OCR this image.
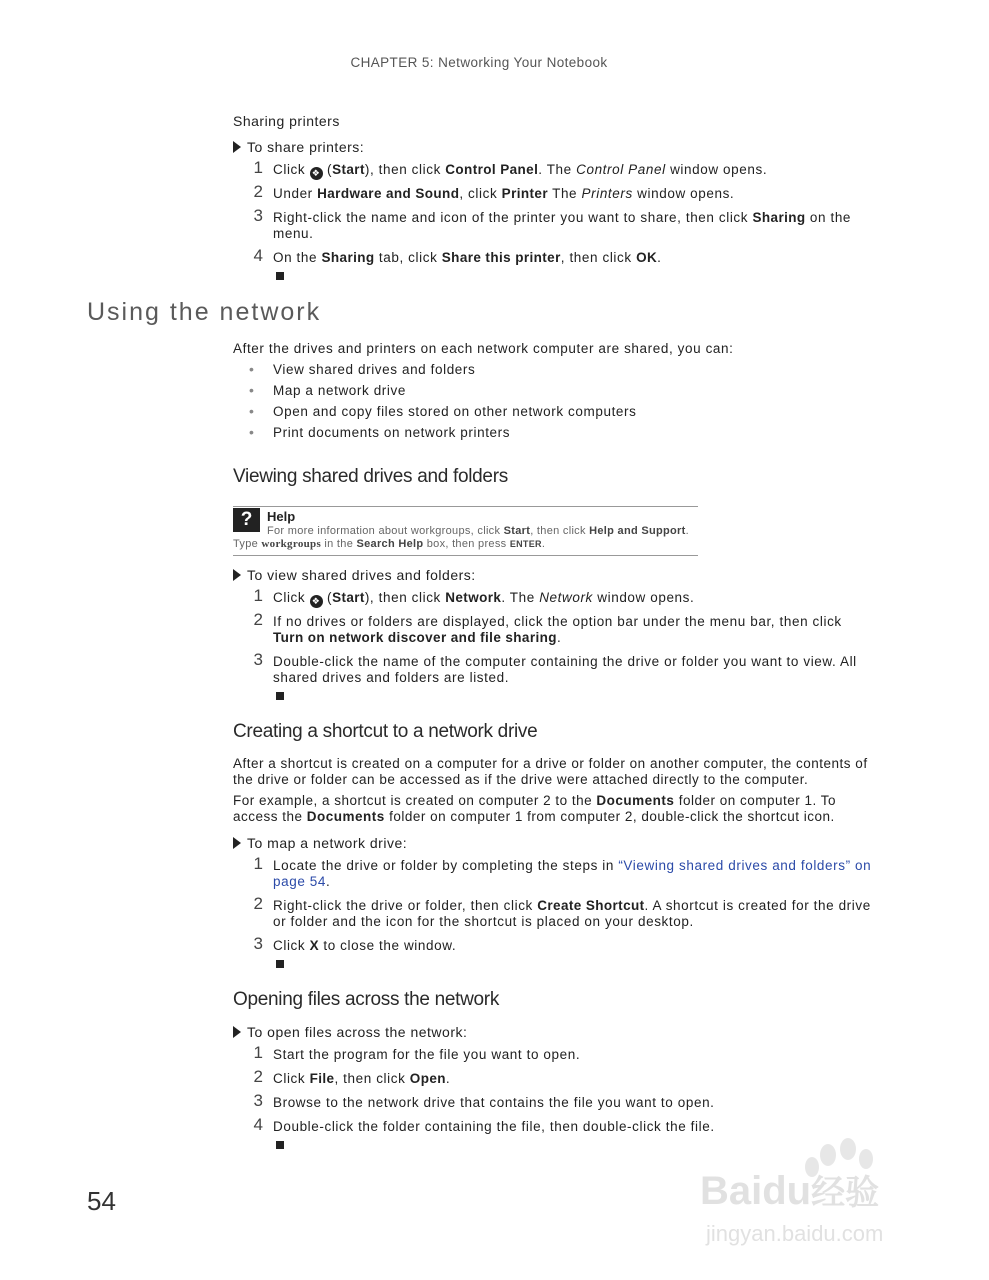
CHAPTER 5: Networking Your Notebook
Sharing printers
To share printers:
1 Click ❖ (Start), then click Control Panel. The Control Panel window opens.
2 Under Hardware and Sound, click Printer The Printers window opens.
3 Right-click the name and icon of the printer you want to share, then click Sharing on the menu.
4 On the Sharing tab, click Share this printer, then click OK.
Using the network
After the drives and printers on each network computer are shared, you can:
• View shared drives and folders
• Map a network drive
• Open and copy files stored on other network computers
• Print documents on network printers
Viewing shared drives and folders
?	Help
For more information about workgroups, click Start, then click Help and Support.
Type workgroups in the Search Help box, then press ENTER.
To view shared drives and folders:
1 Click ❖ (Start), then click Network. The Network window opens.
2 If no drives or folders are displayed, click the option bar under the menu bar, then click Turn on network discover and file sharing.
3 Double-click the name of the computer containing the drive or folder you want to view. All shared drives and folders are listed.
Creating a shortcut to a network drive
After a shortcut is created on a computer for a drive or folder on another computer, the contents of the drive or folder can be accessed as if the drive were attached directly to the computer.
For example, a shortcut is created on computer 2 to the Documents folder on computer 1. To access the Documents folder on computer 1 from computer 2, double-click the shortcut icon.
To map a network drive:
1 Locate the drive or folder by completing the steps in “Viewing shared drives and folders” on page 54.
2 Right-click the drive or folder, then click Create Shortcut. A shortcut is created for the drive or folder and the icon for the shortcut is placed on your desktop.
3 Click X to close the window.
Opening files across the network
To open files across the network:
1 Start the program for the file you want to open.
2 Click File, then click Open.
3 Browse to the network drive that contains the file you want to open.
4 Double-click the folder containing the file, then double-click the file.
54	Baidu经验
jingyan.baidu.com
